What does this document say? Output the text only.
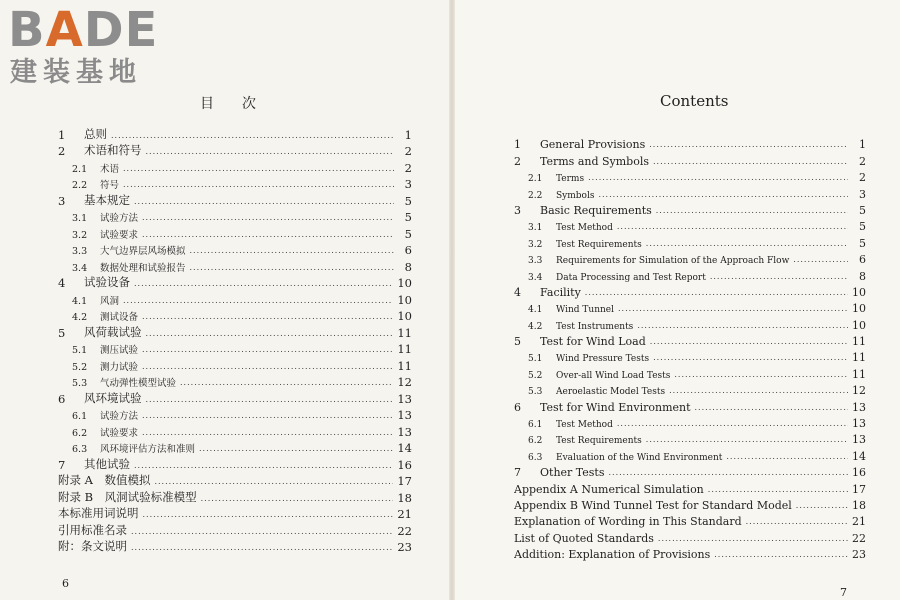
BADE
建装基地
目次	Contents
1	总则 .....	1
2	术语和符号 .....	2
2.1	术语 .....	2
2.2	符号 .....	3
3	基本规定 .....	5
3.1	试验方法 .....	5
3.2	试验要求 .....	5
3.3	大气边界层风场模拟 .....	6
3.4	数据处理和试验报告 .....	8
4	试验设备 .....	10
4.1	风洞 .....	10
4.2	测试设备 .....	10
5	风荷载试验 .....	11
5.1	测压试验 .....	11
5.2	测力试验 .....	11
5.3	气动弹性模型试验 .....	12
6	风环境试验 .....	13
6.1	试验方法 .....	13
6.2	试验要求 .....	13
6.3	风环境评估方法和准则 .....	14
7	其他试验 .....	16
附录 A　数值模拟 .....	17
附录 B　风洞试验标准模型 .....	18
本标准用词说明 .....	21
引用标准名录 .....	22
附：条文说明 .....	23
1	General Provisions .....	1
2	Terms and Symbols .....	2
2.1	Terms .....	2
2.2	Symbols .....	3
3	Basic Requirements .....	5
3.1	Test Method .....	5
3.2	Test Requirements .....	5
3.3	Requirements for Simulation of the Approach Flow .....	6
3.4	Data Processing and Test Report .....	8
4	Facility .....	10
4.1	Wind Tunnel .....	10
4.2	Test Instruments .....	10
5	Test for Wind Load .....	11
5.1	Wind Pressure Tests .....	11
5.2	Over-all Wind Load Tests .....	11
5.3	Aeroelastic Model Tests .....	12
6	Test for Wind Environment .....	13
6.1	Test Method .....	13
6.2	Test Requirements .....	13
6.3	Evaluation of the Wind Environment .....	14
7	Other Tests .....	16
Appendix A Numerical Simulation .....	17
Appendix B Wind Tunnel Test for Standard Model .....	18
Explanation of Wording in This Standard .....	21
List of Quoted Standards .....	22
Addition: Explanation of Provisions .....	23
6
7
